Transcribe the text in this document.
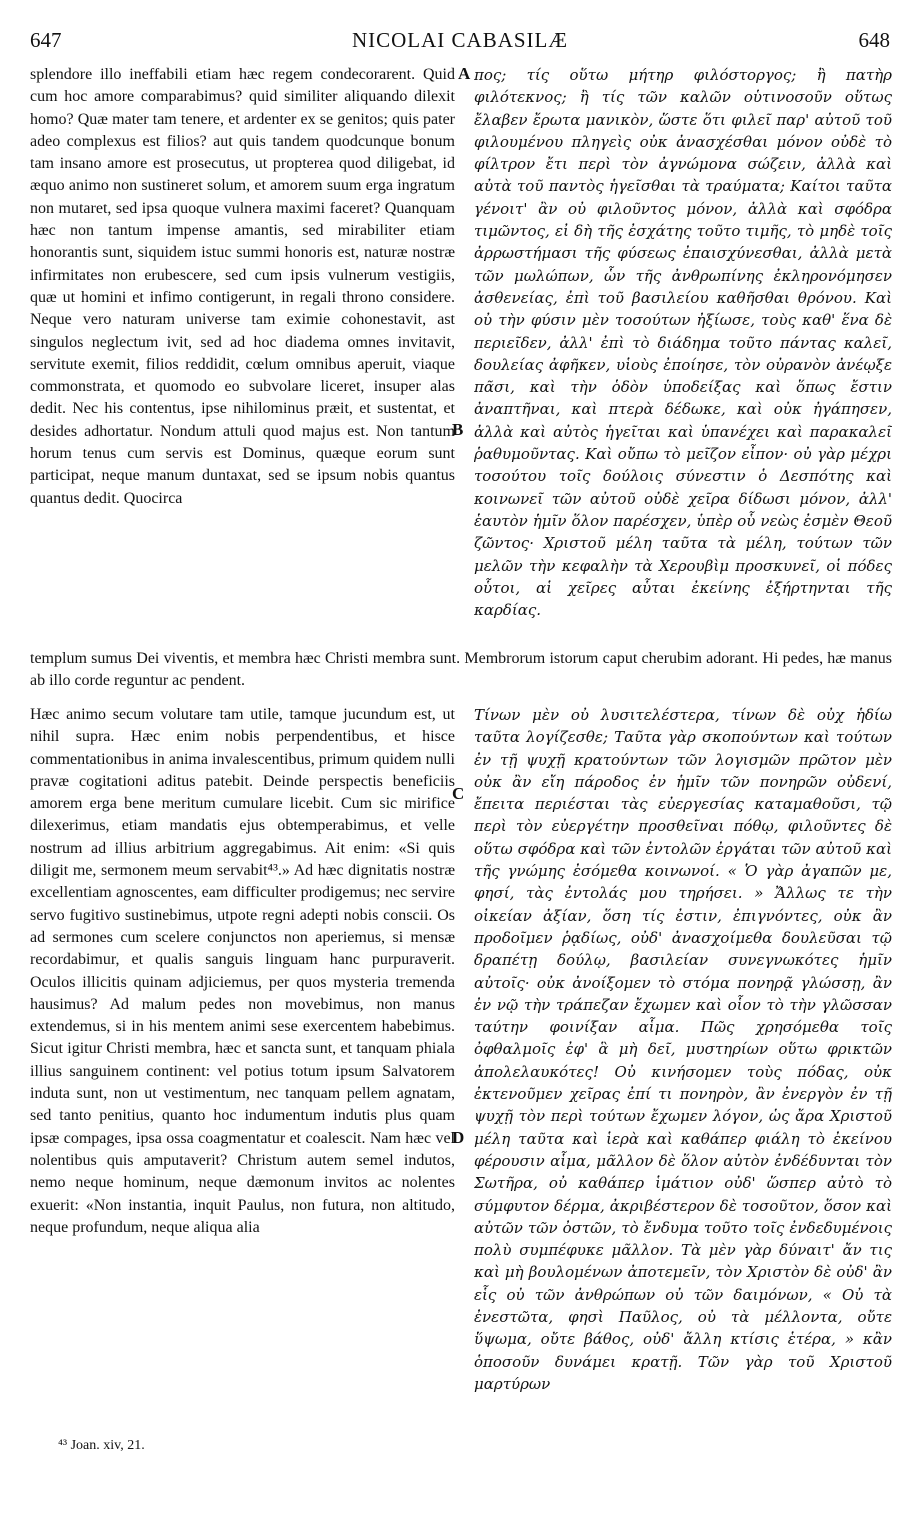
647	NICOLAI CABASILÆ	648

splendore illo ineffabili etiam hæc regem condecorarent. Quid cum hoc amore comparabimus? quid similiter aliquando dilexit homo? Quæ mater tam tenere, et ardenter ex se genitos; quis pater adeo complexus est filios? aut quis tandem quodcunque bonum tam insano amore est prosecutus, ut propterea quod diligebat, id æquo animo non sustineret solum, et amorem suum erga ingratum non mutaret, sed ipsa quoque vulnera maximi faceret? Quanquam hæc non tantum impense amantis, sed mirabiliter etiam honorantis sunt, siquidem istuc summi honoris est, naturæ nostræ infirmitates non erubescere, sed cum ipsis vulnerum vestigiis, quæ ut homini et infimo contigerunt, in regali throno considere. Neque vero naturam universe tam eximie cohonestavit, ast singulos neglectum ivit, sed ad hoc diadema omnes invitavit, servitute exemit, filios reddidit, cœlum omnibus aperuit, viaque commonstrata, et quomodo eo subvolare liceret, insuper alas dedit. Nec his contentus, ipse nihilominus præit, et sustentat, et desides adhortatur. Nondum attuli quod majus est. Non tantum horum tenus cum servis est Dominus, quæque eorum sunt participat, neque manum duntaxat, sed se ipsum nobis quantus quantus dedit. Quocirca

A πος; τίς οὕτω μήτηρ φιλόστοργος; ἢ πατὴρ φιλότεκνος; ἢ τίς τῶν καλῶν οὑτινοσοῦν οὕτως ἔλαβεν ἔρωτα μανικὸν, ὥστε ὅτι φιλεῖ παρ' αὐτοῦ τοῦ φιλουμένου πληγεὶς οὐκ ἀνασχέσθαι μόνον οὐδὲ τὸ φίλτρον ἔτι περὶ τὸν ἀγνώμονα σώζειν, ἀλλὰ καὶ αὐτὰ τοῦ παντὸς ἡγεῖσθαι τὰ τραύματα; Καίτοι ταῦτα γένοιτ' ἂν οὐ φιλοῦντος μόνον, ἀλλὰ καὶ σφόδρα τιμῶντος, εἰ δὴ τῆς ἐσχάτης τοῦτο τιμῆς, τὸ μηδὲ τοῖς ἀρρωστήμασι τῆς φύσεως ἐπαισχύνεσθαι, ἀλλὰ μετὰ τῶν μωλώπων, ὧν τῆς ἀνθρωπίνης ἐκληρονόμησεν ἀσθενείας, ἐπὶ τοῦ βασιλείου καθῆσθαι θρόνου. Καὶ οὐ τὴν φύσιν μὲν τοσούτων ἠξίωσε, τοὺς καθ' ἕνα δὲ περιεῖδεν, ἀλλ' ἐπὶ τὸ διάδημα τοῦτο πάντας καλεῖ, δουλείας ἀφῆκεν, υἱοὺς ἐποίησε, τὸν οὐρανὸν ἀνέῳξε πᾶσι, καὶ τὴν ὁδὸν ὑποδείξας καὶ ὅπως ἔστιν ἀναπτῆναι, καὶ πτερὰ δέδωκε, καὶ οὐκ ἠγάπησεν, ἀλλὰ καὶ αὐτὸς ἡγεῖται καὶ ὑπανέχει καὶ παρακαλεῖ ῥαθυμοῦντας. Καὶ οὔπω τὸ μεῖζον εἶπον· οὐ γὰρ μέχρι τοσούτου τοῖς δούλοις σύνεστιν ὁ Δεσπότης καὶ κοινωνεῖ τῶν αὐτοῦ οὐδὲ χεῖρα δίδωσι μόνον, ἀλλ' ἑαυτὸν ἡμῖν ὅλον παρέσχεν, ὑπὲρ οὗ νεὼς ἐσμὲν Θεοῦ ζῶντος· Χριστοῦ μέλη ταῦτα τὰ μέλη, τούτων τῶν μελῶν τὴν κεφαλὴν τὰ Χερουβὶμ προσκυνεῖ, οἱ πόδες οὗτοι, αἱ χεῖρες αὗται ἐκείνης ἐξήρτηνται τῆς καρδίας.

B

templum sumus Dei viventis, et membra hæc Christi membra sunt. Membrorum istorum caput cherubim adorant. Hi pedes, hæ manus ab illo corde reguntur ac pendent.

Hæc animo secum volutare tam utile, tamque jucundum est, ut nihil supra. Hæc enim nobis perpendentibus, et hisce commentationibus in anima invalescentibus, primum quidem nulli pravæ cogitationi aditus patebit. Deinde perspectis beneficiis amorem erga bene meritum cumulare licebit. Cum sic mirifice dilexerimus, etiam mandatis ejus obtemperabimus, et velle nostrum ad illius arbitrium aggregabimus. Ait enim: «Si quis diligit me, sermonem meum servabit⁴³.» Ad hæc dignitatis nostræ excellentiam agnoscentes, eam difficulter prodigemus; nec servire servo fugitivo sustinebimus, utpote regni adepti nobis conscii. Os ad sermones cum scelere conjunctos non aperiemus, si mensæ recordabimur, et qualis sanguis linguam hanc purpuraverit. Oculos illicitis quinam adjiciemus, per quos mysteria tremenda hausimus? Ad malum pedes non movebimus, non manus extendemus, si in his mentem animi sese exercentem habebimus. Sicut igitur Christi membra, hæc et sancta sunt, et tanquam phiala illius sanguinem continent: vel potius totum ipsum Salvatorem induta sunt, non ut vestimentum, nec tanquam pellem agnatam, sed tanto penitius, quanto hoc indumentum indutis plus quam ipsæ compages, ipsa ossa coagmentatur et coalescit. Nam hæc vel nolentibus quis amputaverit? Christum autem semel indutos, nemo neque hominum, neque dæmonum invitos ac nolentes exuerit: «Non instantia, inquit Paulus, non futura, non altitudo, neque profundum, neque aliqua alia

C

Τίνων μὲν οὐ λυσιτελέστερα, τίνων δὲ οὐχ ἡδίω ταῦτα λογίζεσθε; Ταῦτα γὰρ σκοπούντων καὶ τούτων ἐν τῇ ψυχῇ κρατούντων τῶν λογισμῶν πρῶτον μὲν οὐκ ἂν εἴη πάροδος ἐν ἡμῖν τῶν πονηρῶν οὐδενί, ἔπειτα περιέσται τὰς εὐεργεσίας καταμαθοῦσι, τῷ περὶ τὸν εὐεργέτην προσθεῖναι πόθῳ, φιλοῦντες δὲ οὕτω σφόδρα καὶ τῶν ἐντολῶν ἐργάται τῶν αὐτοῦ καὶ τῆς γνώμης ἐσόμεθα κοινωνοί. « Ὁ γὰρ ἀγαπῶν με, φησί, τὰς ἐντολάς μου τηρήσει. » Ἄλλως τε τὴν οἰκείαν ἀξίαν, ὅση τίς ἐστιν, ἐπιγνόντες, οὐκ ἂν προδοῖμεν ῥᾳδίως, οὐδ' ἀνασχοίμεθα δουλεῦσαι τῷ δραπέτῃ δούλῳ, βασιλείαν συνεγνωκότες ἡμῖν αὐτοῖς· οὐκ ἀνοίξομεν τὸ στόμα πονηρᾷ γλώσσῃ, ἂν ἐν νῷ τὴν τράπεζαν ἔχωμεν καὶ οἷον τὸ τὴν γλῶσσαν ταύτην φοινίξαν αἷμα. Πῶς χρησόμεθα τοῖς ὀφθαλμοῖς ἐφ' ἃ μὴ δεῖ, μυστηρίων οὕτω φρικτῶν ἀπολελαυκότες! Οὐ κινήσομεν τοὺς πόδας, οὐκ ἐκτενοῦμεν χεῖρας ἐπί τι πονηρὸν, ἂν ἐνεργὸν ἐν τῇ ψυχῇ τὸν περὶ τούτων ἔχωμεν λόγον, ὡς ἄρα Χριστοῦ μέλη ταῦτα καὶ ἱερὰ καὶ καθάπερ φιάλη τὸ ἐκείνου φέρουσιν αἷμα, μᾶλλον δὲ ὅλον αὐτὸν ἐνδέδυνται τὸν Σωτῆρα, οὐ καθάπερ ἱμάτιον οὐδ' ὥσπερ αὐτὸ τὸ σύμφυτον δέρμα, ἀκριβέστερον δὲ τοσοῦτον, ὅσον καὶ αὐτῶν τῶν ὀστῶν, τὸ ἔνδυμα τοῦτο τοῖς ἐνδεδυμένοις πολὺ συμπέφυκε μᾶλλον. Τὰ μὲν γὰρ δύναιτ' ἄν τις καὶ μὴ βουλομένων ἀποτεμεῖν, τὸν Χριστὸν δὲ οὐδ' ἂν εἷς οὐ τῶν ἀνθρώπων οὐ τῶν δαιμόνων, « Οὐ τὰ ἐνεστῶτα, φησὶ Παῦλος, οὐ τὰ μέλλοντα, οὔτε ὕψωμα, οὔτε βάθος, οὐδ' ἄλλη κτίσις ἑτέρα, » κἂν ὁποσοῦν δυνάμει κρατῇ. Τῶν γὰρ τοῦ Χριστοῦ μαρτύρων

D
⁴³ Joan. xiv, 21.
